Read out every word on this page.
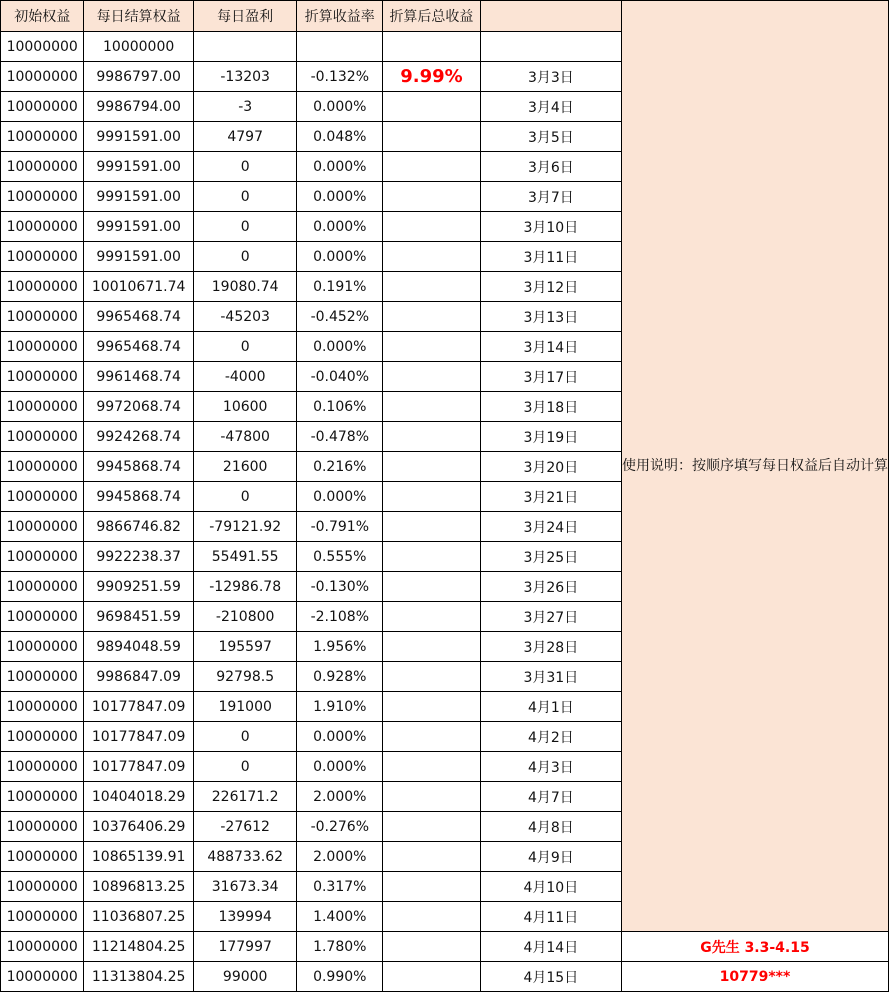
初始权益	每日结算权益	每日盈利	折算收益率	折算后总收益		使用说明：按顺序填写每日权益后自动计算
10000000	10000000					
10000000	9986797.00	-13203	-0.132%	9.99%	3月3日	
10000000	9986794.00	-3	0.000%		3月4日	
10000000	9991591.00	4797	0.048%		3月5日	
10000000	9991591.00	0	0.000%		3月6日	
10000000	9991591.00	0	0.000%		3月7日	
10000000	9991591.00	0	0.000%		3月10日	
10000000	9991591.00	0	0.000%		3月11日	
10000000	10010671.74	19080.74	0.191%		3月12日	
10000000	9965468.74	-45203	-0.452%		3月13日	
10000000	9965468.74	0	0.000%		3月14日	
10000000	9961468.74	-4000	-0.040%		3月17日	
10000000	9972068.74	10600	0.106%		3月18日	
10000000	9924268.74	-47800	-0.478%		3月19日	
10000000	9945868.74	21600	0.216%		3月20日	
10000000	9945868.74	0	0.000%		3月21日	
10000000	9866746.82	-79121.92	-0.791%		3月24日	
10000000	9922238.37	55491.55	0.555%		3月25日	
10000000	9909251.59	-12986.78	-0.130%		3月26日	
10000000	9698451.59	-210800	-2.108%		3月27日	
10000000	9894048.59	195597	1.956%		3月28日	
10000000	9986847.09	92798.5	0.928%		3月31日	
10000000	10177847.09	191000	1.910%		4月1日	
10000000	10177847.09	0	0.000%		4月2日	
10000000	10177847.09	0	0.000%		4月3日	
10000000	10404018.29	226171.2	2.000%		4月7日	
10000000	10376406.29	-27612	-0.276%		4月8日	
10000000	10865139.91	488733.62	2.000%		4月9日	
10000000	10896813.25	31673.34	0.317%		4月10日	
10000000	11036807.25	139994	1.400%		4月11日	
10000000	11214804.25	177997	1.780%		4月14日	G先生 3.3-4.15
10000000	11313804.25	99000	0.990%		4月15日	10779***
